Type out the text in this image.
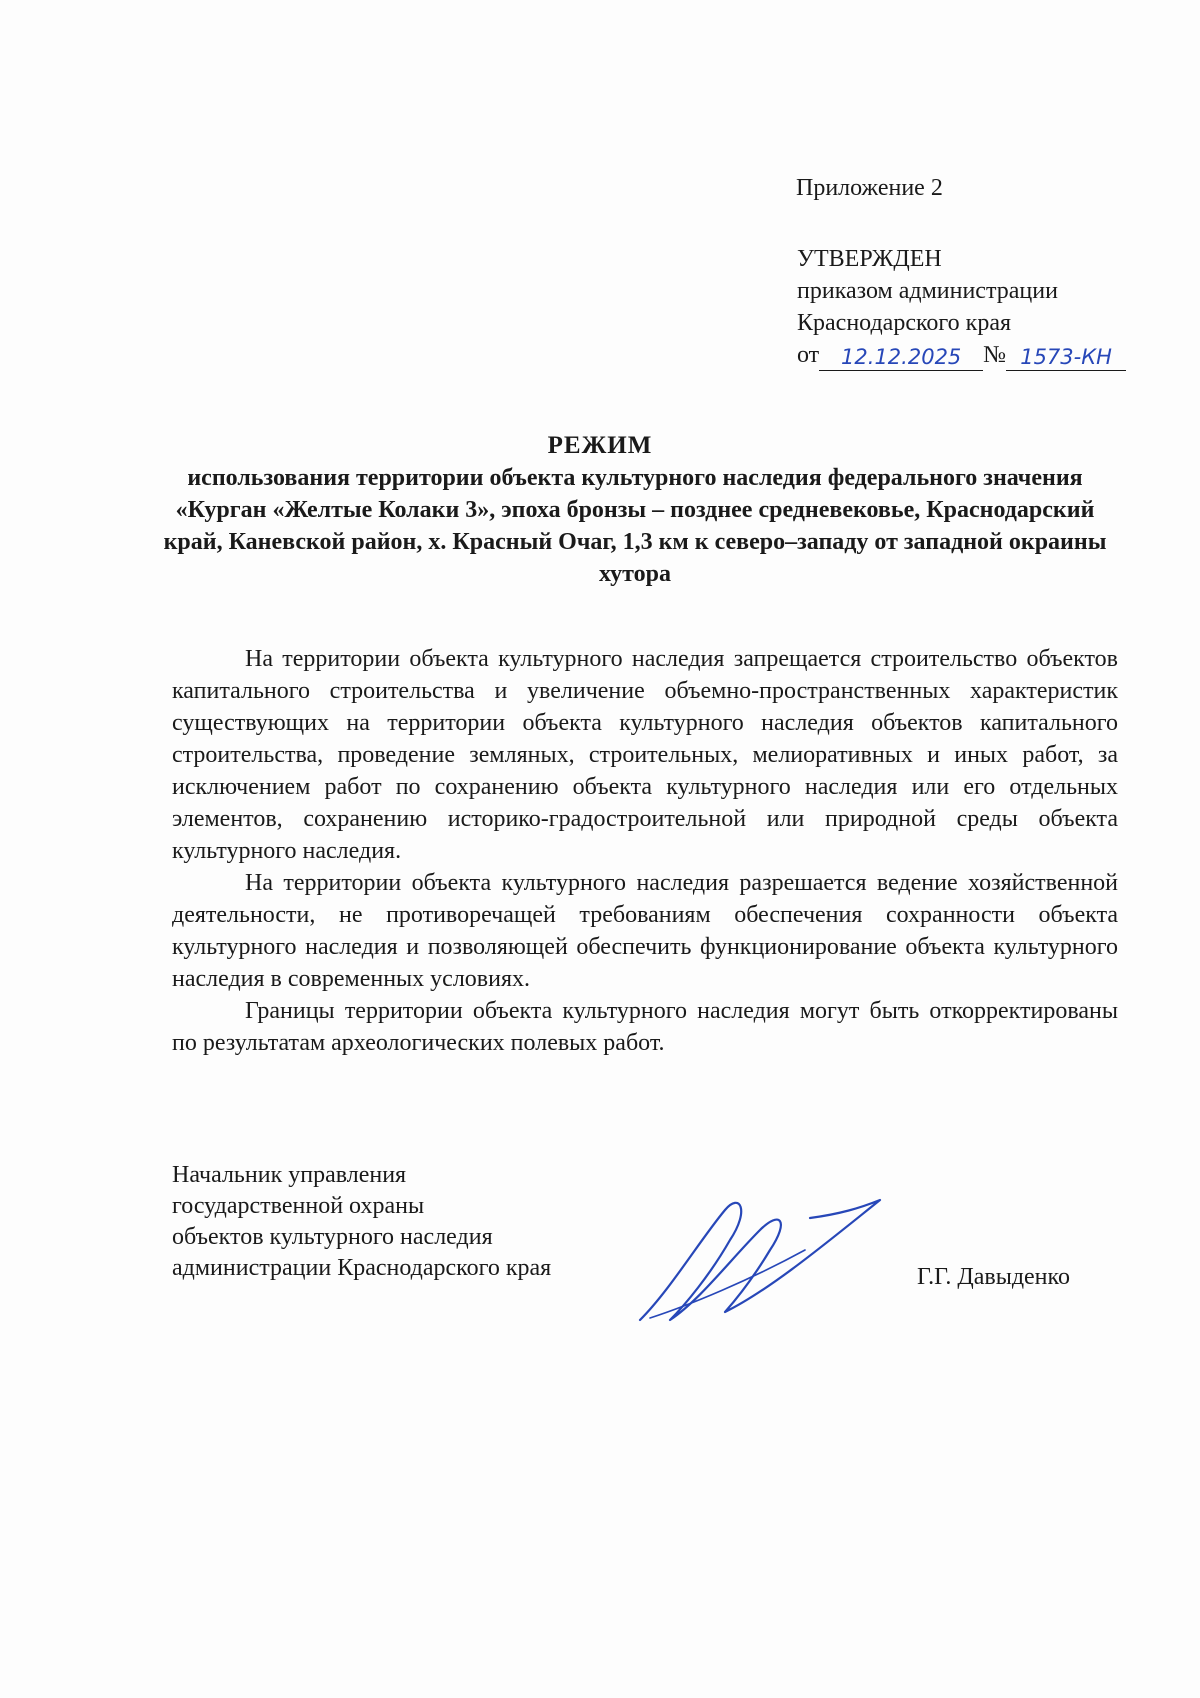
Приложение 2
УТВЕРЖДЕН
приказом администрации
Краснодарского края
от	12.12.2025 № 1573-КН
РЕЖИМ
использования территории объекта культурного наследия федерального значения «Курган «Желтые Колаки 3», эпоха бронзы – позднее средневековье, Краснодарский край, Каневской район, х. Красный Очаг, 1,3 км к северо–западу от западной окраины хутора

На территории объекта культурного наследия запрещается строительство объектов капитального строительства и увеличение объемно-пространственных характеристик существующих на территории объекта культурного наследия объектов капитального строительства, проведение земляных, строительных, мелиоративных и иных работ, за исключением работ по сохранению объекта культурного наследия или его отдельных элементов, сохранению историко-градостроительной или природной среды объекта культурного наследия.

На территории объекта культурного наследия разрешается ведение хозяйственной деятельности, не противоречащей требованиям обеспечения сохранности объекта культурного наследия и позволяющей обеспечить функционирование объекта культурного наследия в современных условиях.

Границы территории объекта культурного наследия могут быть откорректированы по результатам археологических полевых работ.

Начальник управления
государственной охраны
объектов культурного наследия
администрации Краснодарского края	Г.Г. Давыденко
